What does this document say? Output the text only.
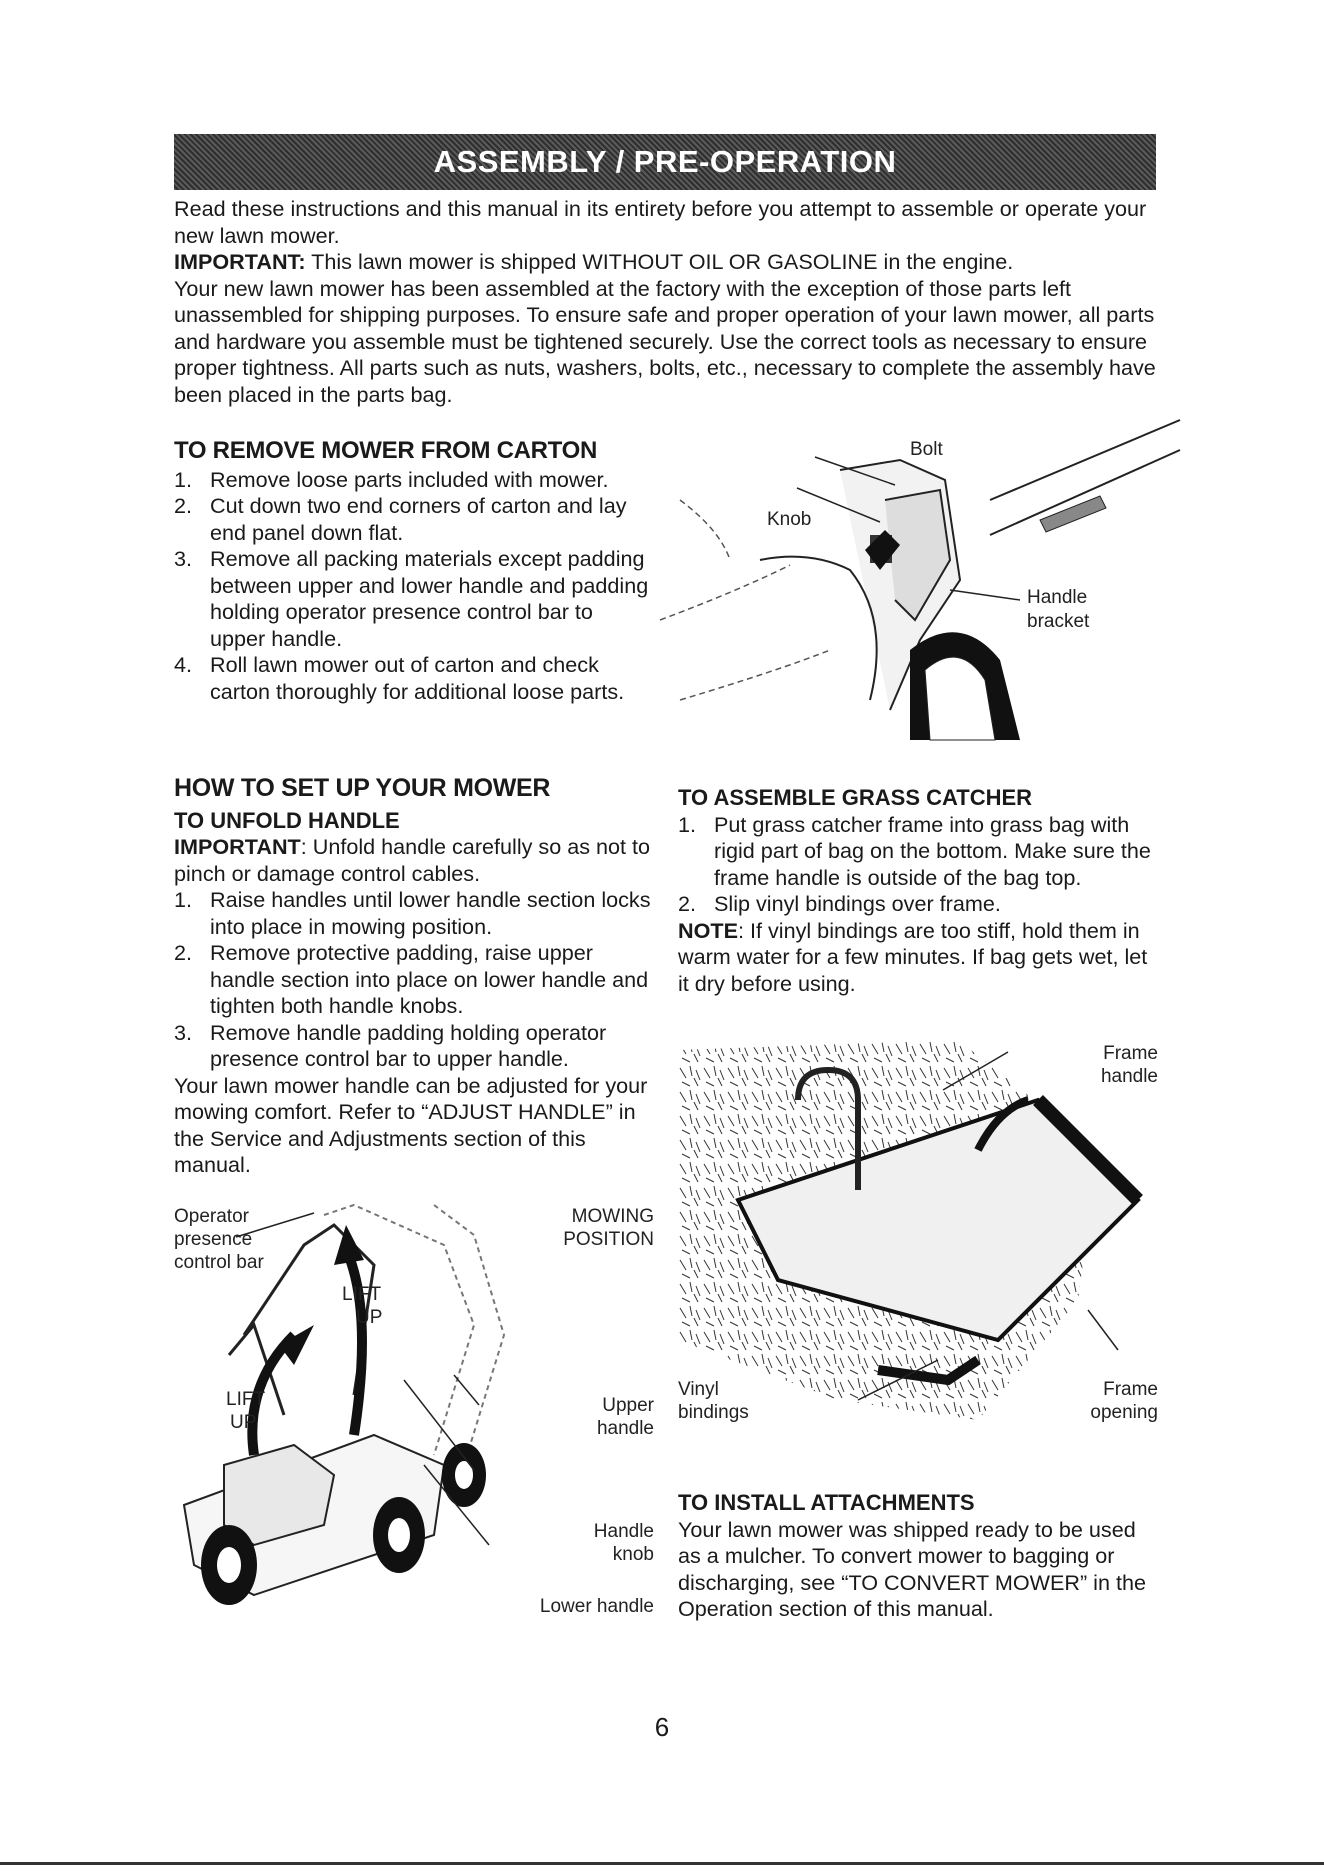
ASSEMBLY / PRE-OPERATION

Read these instructions and this manual in its entirety before you attempt to assemble or operate your new lawn mower.

IMPORTANT: This lawn mower is shipped WITHOUT OIL OR GASOLINE in the engine.

Your new lawn mower has been assembled at the factory with the exception of those parts left unassembled for shipping purposes. To ensure safe and proper operation of your lawn mower, all parts and hardware you assemble must be tightened securely. Use the correct tools as necessary to ensure proper tightness. All parts such as nuts, washers, bolts, etc., necessary to complete the assembly have been placed in the parts bag.

TO REMOVE MOWER FROM CARTON
1. Remove loose parts included with mower.
2. Cut down two end corners of carton and lay end panel down flat.
3. Remove all packing materials except padding between upper and lower handle and padding holding operator presence control bar to upper handle.
4. Roll lawn mower out of carton and check carton thoroughly for additional loose parts.
Bolt
Knob
Handle
bracket
HOW TO SET UP YOUR MOWER
TO UNFOLD HANDLE

IMPORTANT: Unfold handle carefully so as not to pinch or damage control cables.

1. Raise handles until lower handle section locks into place in mowing position.
2. Remove protective padding, raise upper handle section into place on lower handle and tighten both handle knobs.
3. Remove handle padding holding operator presence control bar to upper handle.

Your lawn mower handle can be adjusted for your mowing comfort. Refer to “ADJUST HANDLE” in the Service and Adjustments section of this manual.

Operator
presence
control bar
MOWING
POSITION
LIFT
UP
LIFT
UP
Upper
handle
Handle
knob
Lower handle
TO ASSEMBLE GRASS CATCHER
1. Put grass catcher frame into grass bag with rigid part of bag on the bottom. Make sure the frame handle is outside of the bag top.
2. Slip vinyl bindings over frame.

NOTE: If vinyl bindings are too stiff, hold them in warm water for a few minutes. If bag gets wet, let it dry before using.

Frame
handle
Vinyl
bindings
Frame
opening
TO INSTALL ATTACHMENTS

Your lawn mower was shipped ready to be used as a mulcher. To convert mower to bagging or discharging, see “TO CONVERT MOWER” in the Operation section of this manual.

6
